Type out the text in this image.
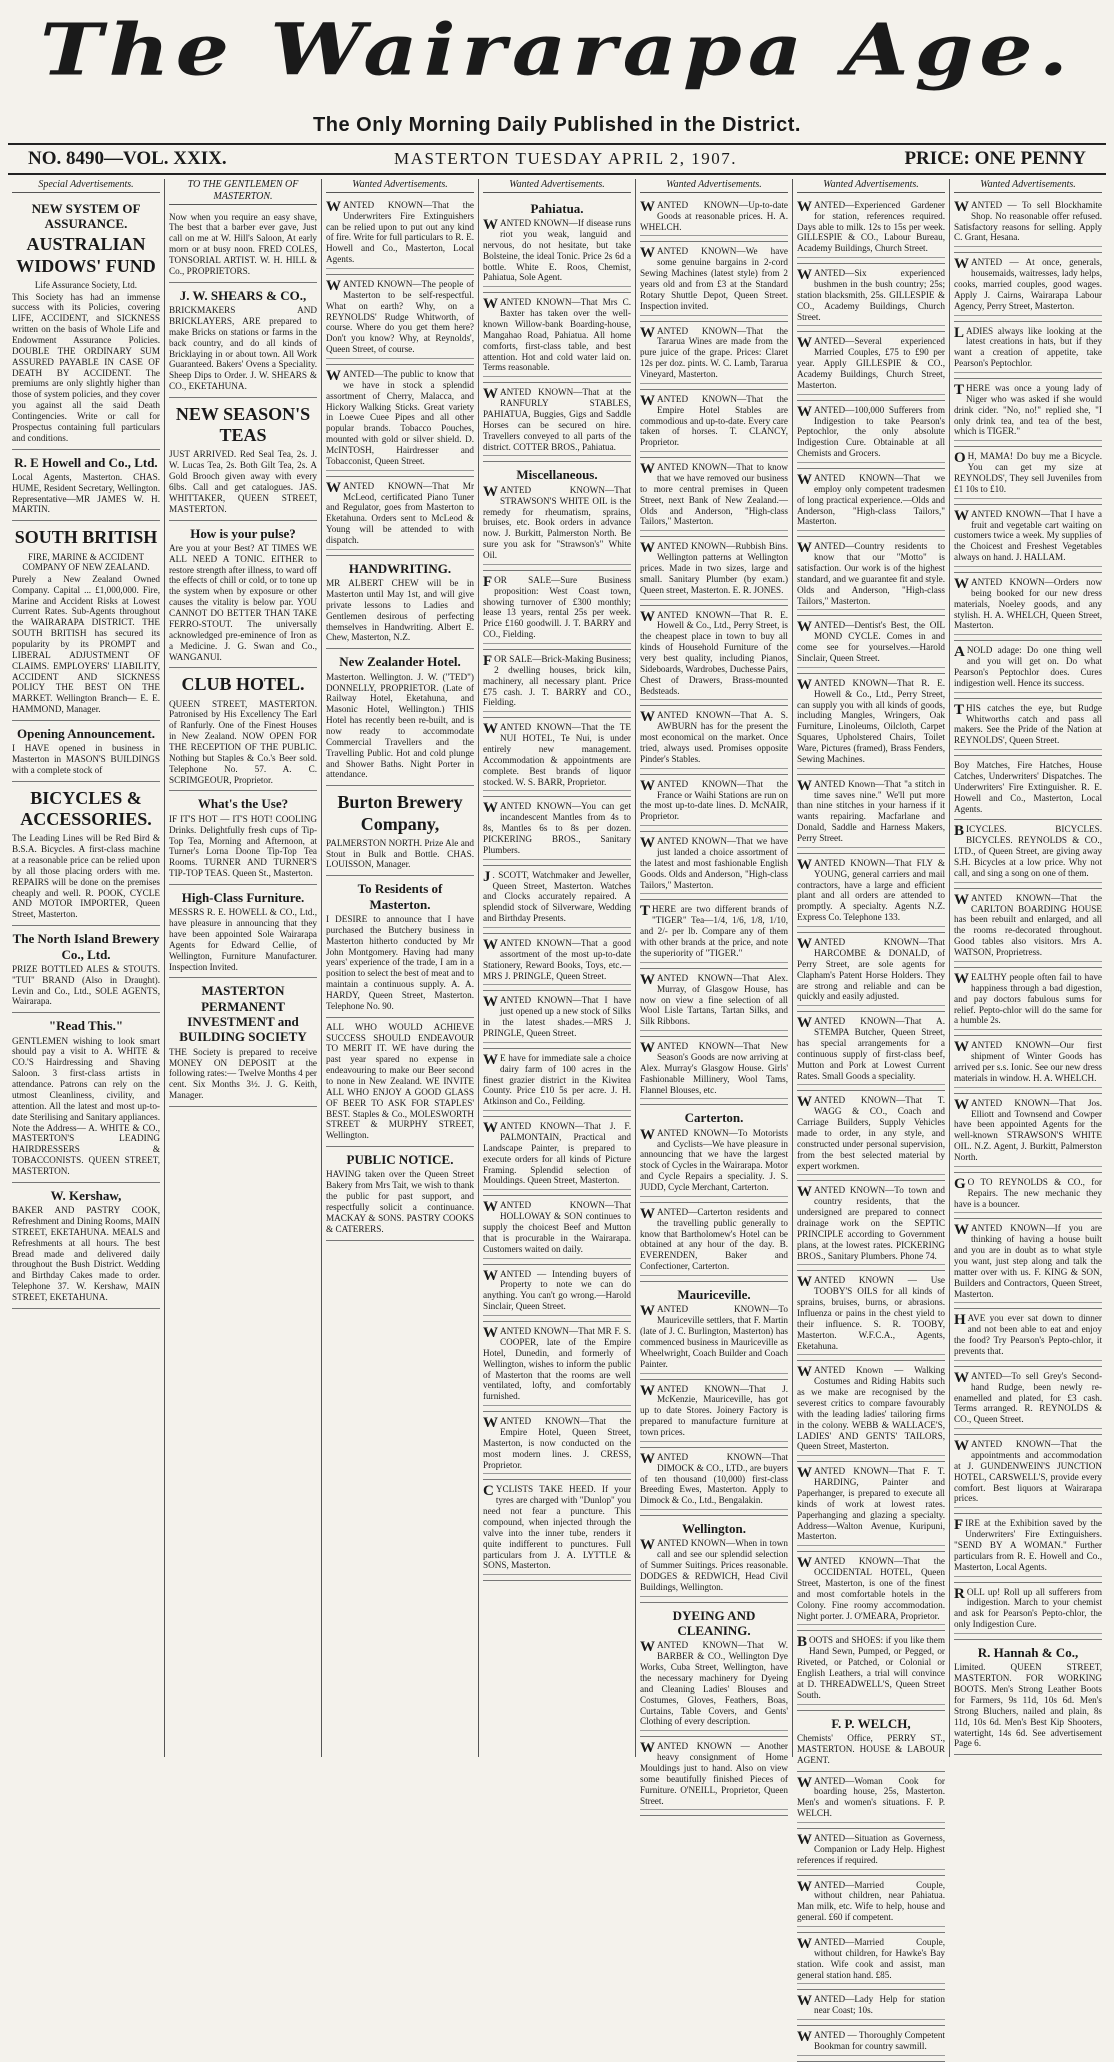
The Wairarapa Age.
The Only Morning Daily Published in the District.
NO. 8490—VOL. XXIX.	MASTERTON TUESDAY APRIL 2, 1907.	PRICE: ONE PENNY
Special Advertisements.
NEW SYSTEM OF ASSURANCE.
AUSTRALIAN WIDOWS' FUND
Life Assurance Society, Ltd.

This Society has had an immense success with its Policies, covering LIFE, ACCIDENT, and SICKNESS written on the basis of Whole Life and Endowment Assurance Policies. DOUBLE THE ORDINARY SUM ASSURED PAYABLE IN CASE OF DEATH BY ACCIDENT. The premiums are only slightly higher than those of system policies, and they cover you against all the said Death Contingencies. Write or call for Prospectus containing full particulars and conditions.

R. E Howell and Co., Ltd.

Local Agents, Masterton. CHAS. HUME, Resident Secretary, Wellington. Representative—MR JAMES W. H. MARTIN.

SOUTH BRITISH
FIRE, MARINE & ACCIDENT COMPANY OF NEW ZEALAND.

Purely a New Zealand Owned Company. Capital ... £1,000,000. Fire, Marine and Accident Risks at Lowest Current Rates. Sub-Agents throughout the WAIRARAPA DISTRICT. THE SOUTH BRITISH has secured its popularity by its PROMPT and LIBERAL ADJUSTMENT OF CLAIMS. EMPLOYERS' LIABILITY, ACCIDENT AND SICKNESS POLICY THE BEST ON THE MARKET. Wellington Branch— E. E. HAMMOND, Manager.

Opening Announcement.

I HAVE opened in business in Masterton in MASON'S BUILDINGS with a complete stock of

BICYCLES & ACCESSORIES.

The Leading Lines will be Red Bird & B.S.A. Bicycles. A first-class machine at a reasonable price can be relied upon by all those placing orders with me. REPAIRS will be done on the premises cheaply and well. R. POOK, CYCLE AND MOTOR IMPORTER, Queen Street, Masterton.

The North Island Brewery Co., Ltd.

PRIZE BOTTLED ALES & STOUTS. "TUI" BRAND (Also in Draught). Levin and Co., Ltd., SOLE AGENTS, Wairarapa.

"Read This."

GENTLEMEN wishing to look smart should pay a visit to A. WHITE & CO.'S Hairdressing and Shaving Saloon. 3 first-class artists in attendance. Patrons can rely on the utmost Cleanliness, civility, and attention. All the latest and most up-to-date Sterilising and Sanitary appliances. Note the Address— A. WHITE & CO., MASTERTON'S LEADING HAIRDRESSERS & TOBACCONISTS. QUEEN STREET, MASTERTON.

W. Kershaw,

BAKER AND PASTRY COOK, Refreshment and Dining Rooms, MAIN STREET, EKETAHUNA. MEALS and Refreshments at all hours. The best Bread made and delivered daily throughout the Bush District. Wedding and Birthday Cakes made to order. Telephone 37. W. Kershaw, MAIN STREET, EKETAHUNA.

TO THE GENTLEMEN OF MASTERTON.

Now when you require an easy shave, The best that a barber ever gave, Just call on me at W. Hill's Saloon, At early morn or at busy noon. FRED COLES, TONSORIAL ARTIST. W. H. HILL & Co., PROPRIETORS.

J. W. SHEARS & CO.,

BRICKMAKERS AND BRICKLAYERS, ARE prepared to make Bricks on stations or farms in the back country, and do all kinds of Bricklaying in or about town. All Work Guaranteed. Bakers' Ovens a Speciality. Sheep Dips to Order. J. W. SHEARS & CO., EKETAHUNA.

NEW SEASON'S TEAS

JUST ARRIVED. Red Seal Tea, 2s. J. W. Lucas Tea, 2s. Both Gilt Tea, 2s. A Gold Brooch given away with every 6lbs. Call and get catalogues. JAS. WHITTAKER, QUEEN STREET, MASTERTON.

How is your pulse?

Are you at your Best? AT TIMES WE ALL NEED A TONIC. EITHER to restore strength after illness, to ward off the effects of chill or cold, or to tone up the system when by exposure or other causes the vitality is below par. YOU CANNOT DO BETTER THAN TAKE FERRO-STOUT. The universally acknowledged pre-eminence of Iron as a Medicine. J. G. Swan and Co., WANGANUI.

CLUB HOTEL.

QUEEN STREET, MASTERTON. Patronised by His Excellency The Earl of Ranfurly. One of the Finest Houses in New Zealand. NOW OPEN FOR THE RECEPTION OF THE PUBLIC. Nothing but Staples & Co.'s Beer sold. Telephone No. 57. A. C. SCRIMGEOUR, Proprietor.

What's the Use?

IF IT'S HOT — IT'S HOT! COOLING Drinks. Delightfully fresh cups of Tip-Top Tea, Morning and Afternoon, at Turner's Lorna Doone Tip-Top Tea Rooms. TURNER AND TURNER'S TIP-TOP TEAS. Queen St., Masterton.

High-Class Furniture.

MESSRS R. E. HOWELL & CO., Ltd., have pleasure in announcing that they have been appointed Sole Wairarapa Agents for Edward Cellie, of Wellington, Furniture Manufacturer. Inspection Invited.

MASTERTON PERMANENT INVESTMENT and BUILDING SOCIETY

THE Society is prepared to receive MONEY ON DEPOSIT at the following rates:— Twelve Months 4 per cent. Six Months 3½. J. G. Keith, Manager.

Wanted Advertisements.

WANTED KNOWN—That the Underwriters Fire Extinguishers can be relied upon to put out any kind of fire. Write for full particulars to R. E. Howell and Co., Masterton, Local Agents.

WANTED KNOWN—The people of Masterton to be self-respectful. What on earth? Why, on a REYNOLDS' Rudge Whitworth, of course. Where do you get them here? Don't you know? Why, at Reynolds', Queen Street, of course.

WANTED—The public to know that we have in stock a splendid assortment of Cherry, Malacca, and Hickory Walking Sticks. Great variety in Loewe Cuee Pipes and all other popular brands. Tobacco Pouches, mounted with gold or silver shield. D. McINTOSH, Hairdresser and Tobacconist, Queen Street.

WANTED KNOWN—That Mr McLeod, certificated Piano Tuner and Regulator, goes from Masterton to Eketahuna. Orders sent to McLeod & Young will be attended to with dispatch.

HANDWRITING.

MR ALBERT CHEW will be in Masterton until May 1st, and will give private lessons to Ladies and Gentlemen desirous of perfecting themselves in Handwriting. Albert E. Chew, Masterton, N.Z.

New Zealander Hotel.

Masterton. Wellington. J. W. ("TED") DONNELLY, PROPRIETOR. (Late of Railway Hotel, Eketahuna, and Masonic Hotel, Wellington.) THIS Hotel has recently been re-built, and is now ready to accommodate Commercial Travellers and the Travelling Public. Hot and cold plunge and Shower Baths. Night Porter in attendance.

Burton Brewery Company,

PALMERSTON NORTH. Prize Ale and Stout in Bulk and Bottle. CHAS. LOUISSON, Manager.

To Residents of Masterton.

I DESIRE to announce that I have purchased the Butchery business in Masterton hitherto conducted by Mr John Montgomery. Having had many years' experience of the trade, I am in a position to select the best of meat and to maintain a continuous supply. A. A. HARDY, Queen Street, Masterton. Telephone No. 90.

ALL WHO WOULD ACHIEVE SUCCESS SHOULD ENDEAVOUR TO MERIT IT. WE have during the past year spared no expense in endeavouring to make our Beer second to none in New Zealand. WE INVITE ALL WHO ENJOY A GOOD GLASS OF BEER TO ASK FOR STAPLES' BEST. Staples & Co., MOLESWORTH STREET & MURPHY STREET, Wellington.

PUBLIC NOTICE.

HAVING taken over the Queen Street Bakery from Mrs Tait, we wish to thank the public for past support, and respectfully solicit a continuance. MACKAY & SONS. PASTRY COOKS & CATERERS.

Wanted Advertisements.
Pahiatua.

WANTED KNOWN—If disease runs riot you weak, languid and nervous, do not hesitate, but take Bolsteine, the ideal Tonic. Price 2s 6d a bottle. White E. Roos, Chemist, Pahiatua, Sole Agent.

WANTED KNOWN—That Mrs C. Baxter has taken over the well-known Willow-bank Boarding-house, Mangahao Road, Pahiatua. All home comforts, first-class table, and best attention. Hot and cold water laid on. Terms reasonable.

WANTED KNOWN—That at the RANFURLY STABLES, PAHIATUA, Buggies, Gigs and Saddle Horses can be secured on hire. Travellers conveyed to all parts of the district. COTTER BROS., Pahiatua.

Miscellaneous.

WANTED KNOWN—That STRAWSON'S WHITE OIL is the remedy for rheumatism, sprains, bruises, etc. Book orders in advance now. J. Burkitt, Palmerston North. Be sure you ask for "Strawson's" White Oil.

FOR SALE—Sure Business proposition: West Coast town, showing turnover of £300 monthly; lease 13 years, rental 25s per week. Price £160 goodwill. J. T. BARRY and CO., Fielding.

FOR SALE—Brick-Making Business; 2 dwelling houses, brick kiln, machinery, all necessary plant. Price £75 cash. J. T. BARRY and CO., Fielding.

WANTED KNOWN—That the TE NUI HOTEL, Te Nui, is under entirely new management. Accommodation & appointments are complete. Best brands of liquor stocked. W. S. BARR, Proprietor.

WANTED KNOWN—You can get incandescent Mantles from 4s to 8s, Mantles 6s to 8s per dozen. PICKERING BROS., Sanitary Plumbers.

J . SCOTT, Watchmaker and Jeweller, Queen Street, Masterton. Watches and Clocks accurately repaired. A splendid stock of Silverware, Wedding and Birthday Presents.

WANTED KNOWN—That a good assortment of the most up-to-date Stationery, Reward Books, Toys, etc.—MRS J. PRINGLE, Queen Street.

WANTED KNOWN—That I have just opened up a new stock of Silks in the latest shades.—MRS J. PRINGLE, Queen Street.

W E have for immediate sale a choice dairy farm of 100 acres in the finest grazier district in the Kiwitea County. Price £10 5s per acre. J. H. Atkinson and Co., Feilding.

WANTED KNOWN—That J. F. PALMONTAIN, Practical and Landscape Painter, is prepared to execute orders for all kinds of Picture Framing. Splendid selection of Mouldings. Queen Street, Masterton.

WANTED KNOWN—That HOLLOWAY & SON continues to supply the choicest Beef and Mutton that is procurable in the Wairarapa. Customers waited on daily.

WANTED — Intending buyers of Property to note we can do anything. You can't go wrong.—Harold Sinclair, Queen Street.

WANTED KNOWN—That MR F. S. COOPER, late of the Empire Hotel, Dunedin, and formerly of Wellington, wishes to inform the public of Masterton that the rooms are well ventilated, lofty, and comfortably furnished.

WANTED KNOWN—That the Empire Hotel, Queen Street, Masterton, is now conducted on the most modern lines. J. CRESS, Proprietor.

CYCLISTS TAKE HEED. If your tyres are charged with "Dunlop" you need not fear a puncture. This compound, when injected through the valve into the inner tube, renders it quite indifferent to punctures. Full particulars from J. A. LYTTLE & SONS, Masterton.

Wanted Advertisements.

WANTED KNOWN—Up-to-date Goods at reasonable prices. H. A. WHELCH.

WANTED KNOWN—We have some genuine bargains in 2-cord Sewing Machines (latest style) from 2 years old and from £3 at the Standard Rotary Shuttle Depot, Queen Street. Inspection invited.

WANTED KNOWN—That the Tararua Wines are made from the pure juice of the grape. Prices: Claret 12s per doz. pints. W. C. Lamb, Tararua Vineyard, Masterton.

WANTED KNOWN—That the Empire Hotel Stables are commodious and up-to-date. Every care taken of horses. T. CLANCY, Proprietor.

WANTED KNOWN—That to know that we have removed our business to more central premises in Queen Street, next Bank of New Zealand.—Olds and Anderson, "High-class Tailors," Masterton.

WANTED KNOWN—Rubbish Bins. Wellington patterns at Wellington prices. Made in two sizes, large and small. Sanitary Plumber (by exam.) Queen street, Masterton. E. R. JONES.

WANTED KNOWN—That R. E. Howell & Co., Ltd., Perry Street, is the cheapest place in town to buy all kinds of Household Furniture of the very best quality, including Pianos, Sideboards, Wardrobes, Duchesse Pairs, Chest of Drawers, Brass-mounted Bedsteads.

WANTED KNOWN—That A. S. AWBURN has for the present the most economical on the market. Once tried, always used. Promises opposite Pinder's Stables.

WANTED KNOWN—That the France or Waihi Stations are run on the most up-to-date lines. D. McNAIR, Proprietor.

WANTED KNOWN—That we have just landed a choice assortment of the latest and most fashionable English Goods. Olds and Anderson, "High-class Tailors," Masterton.

THERE are two different brands of "TIGER" Tea—1/4, 1/6, 1/8, 1/10, and 2/- per lb. Compare any of them with other brands at the price, and note the superiority of "TIGER."

WANTED KNOWN—That Alex. Murray, of Glasgow House, has now on view a fine selection of all Wool Lisle Tartans, Tartan Silks, and Silk Ribbons.

WANTED KNOWN—That New Season's Goods are now arriving at Alex. Murray's Glasgow House. Girls' Fashionable Millinery, Wool Tams, Flannel Blouses, etc.

Carterton.

WANTED KNOWN—To Motorists and Cyclists—We have pleasure in announcing that we have the largest stock of Cycles in the Wairarapa. Motor and Cycle Repairs a speciality. J. S. JUDD, Cycle Merchant, Carterton.

WANTED—Carterton residents and the travelling public generally to know that Bartholomew's Hotel can be obtained at any hour of the day. B. EVERENDEN, Baker and Confectioner, Carterton.

Mauriceville.

WANTED KNOWN—To Mauriceville settlers, that F. Martin (late of J. C. Burlington, Masterton) has commenced business in Mauriceville as Wheelwright, Coach Builder and Coach Painter.

WANTED KNOWN—That J. McKenzie, Mauriceville, has got up to date Stores. Joinery Factory is prepared to manufacture furniture at town prices.

WANTED KNOWN—That DIMOCK & CO., LTD., are buyers of ten thousand (10,000) first-class Breeding Ewes, Masterton. Apply to Dimock & Co., Ltd., Bengalakin.

Wellington.

WANTED KNOWN—When in town call and see our splendid selection of Summer Suitings. Prices reasonable. DODGES & REDWICH, Head Civil Buildings, Wellington.

DYEING AND CLEANING.

WANTED KNOWN—That W. BARBER & CO., Wellington Dye Works, Cuba Street, Wellington, have the necessary machinery for Dyeing and Cleaning Ladies' Blouses and Costumes, Gloves, Feathers, Boas, Curtains, Table Covers, and Gents' Clothing of every description.

WANTED KNOWN — Another heavy consignment of Home Mouldings just to hand. Also on view some beautifully finished Pieces of Furniture. O'NEILL, Proprietor, Queen Street.

Wanted Advertisements.

WANTED—Experienced Gardener for station, references required. Days able to milk. 12s to 15s per week. GILLESPIE & CO., Labour Bureau, Academy Buildings, Church Street.

WANTED—Six experienced bushmen in the bush country; 25s; station blacksmith, 25s. GILLESPIE & CO., Academy Buildings, Church Street.

WANTED—Several experienced Married Couples, £75 to £90 per year. Apply GILLESPIE & CO., Academy Buildings, Church Street, Masterton.

WANTED—100,000 Sufferers from Indigestion to take Pearson's Peptochlor, the only absolute Indigestion Cure. Obtainable at all Chemists and Grocers.

WANTED KNOWN—That we employ only competent tradesmen of long practical experience.—Olds and Anderson, "High-class Tailors," Masterton.

WANTED—Country residents to know that our "Motto" is satisfaction. Our work is of the highest standard, and we guarantee fit and style. Olds and Anderson, "High-class Tailors," Masterton.

WANTED—Dentist's Best, the OIL MOND CYCLE. Comes in and come see for yourselves.—Harold Sinclair, Queen Street.

WANTED KNOWN—That R. E. Howell & Co., Ltd., Perry Street, can supply you with all kinds of goods, including Mangles, Wringers, Oak Furniture, Linoleums, Oilcloth, Carpet Squares, Upholstered Chairs, Toilet Ware, Pictures (framed), Brass Fenders, Sewing Machines.

WANTED Known—That "a stitch in time saves nine." We'll put more than nine stitches in your harness if it wants repairing. Macfarlane and Donald, Saddle and Harness Makers, Perry Street.

WANTED KNOWN—That FLY & YOUNG, general carriers and mail contractors, have a large and efficient plant and all orders are attended to promptly. A specialty. Agents N.Z. Express Co. Telephone 133.

WANTED KNOWN—That HARCOMBE & DONALD, of Perry Street, are sole agents for Clapham's Patent Horse Holders. They are strong and reliable and can be quickly and easily adjusted.

WANTED KNOWN—That A. STEMPA Butcher, Queen Street, has special arrangements for a continuous supply of first-class beef, Mutton and Pork at Lowest Current Rates. Small Goods a speciality.

WANTED KNOWN—That T. WAGG & CO., Coach and Carriage Builders, Supply Vehicles made to order, in any style, and constructed under personal supervision, from the best selected material by expert workmen.

WANTED KNOWN—To town and country residents, that the undersigned are prepared to connect drainage work on the SEPTIC PRINCIPLE according to Government plans, at the lowest rates. PICKERING BROS., Sanitary Plumbers. Phone 74.

WANTED KNOWN — Use TOOBY'S OILS for all kinds of sprains, bruises, burns, or abrasions. Influenza or pains in the chest yield to their influence. S. R. TOOBY, Masterton. W.F.C.A., Agents, Eketahuna.

WANTED Known — Walking Costumes and Riding Habits such as we make are recognised by the severest critics to compare favourably with the leading ladies' tailoring firms in the colony. WEBB & WALLACE'S, LADIES' AND GENTS' TAILORS, Queen Street, Masterton.

WANTED KNOWN—That F. T. HARDING, Painter and Paperhanger, is prepared to execute all kinds of work at lowest rates. Paperhanging and glazing a specialty. Address—Walton Avenue, Kuripuni, Masterton.

WANTED KNOWN—That the OCCIDENTAL HOTEL, Queen Street, Masterton, is one of the finest and most comfortable hotels in the Colony. Fine roomy accommodation. Night porter. J. O'MEARA, Proprietor.

BOOTS and SHOES: if you like them Hand Sewn, Pumped, or Pegged, or Riveted, or Patched, or Colonial or English Leathers, a trial will convince at D. THREADWELL'S, Queen Street South.

F. P. WELCH,

Chemists' Office, PERRY ST., MASTERTON. HOUSE & LABOUR AGENT.

WANTED—Woman Cook for boarding house, 25s, Masterton. Men's and women's situations. F. P. WELCH.

WANTED—Situation as Governess, Companion or Lady Help. Highest references if required.

WANTED—Married Couple, without children, near Pahiatua. Man milk, etc. Wife to help, house and general. £60 if competent.

WANTED—Married Couple, without children, for Hawke's Bay station. Wife cook and assist, man general station hand. £85.

WANTED—Lady Help for station near Coast; 10s.

WANTED — Thoroughly Competent Bookman for country sawmill.

Wanted Advertisements.

WANTED — To sell Blockhamite Shop. No reasonable offer refused. Satisfactory reasons for selling. Apply C. Grant, Hesana.

WANTED — At once, generals, housemaids, waitresses, lady helps, cooks, married couples, good wages. Apply J. Cairns, Wairarapa Labour Agency, Perry Street, Masterton.

LADIES always like looking at the latest creations in hats, but if they want a creation of appetite, take Pearson's Peptochlor.

THERE was once a young lady of Niger who was asked if she would drink cider. "No, no!" replied she, "I only drink tea, and tea of the best, which is TIGER."

O H, MAMA! Do buy me a Bicycle. You can get my size at REYNOLDS', They sell Juveniles from £1 10s to £10.

WANTED KNOWN—That I have a fruit and vegetable cart waiting on customers twice a week. My supplies of the Choicest and Freshest Vegetables always on hand. J. HALLAM.

WANTED KNOWN—Orders now being booked for our new dress materials, Noeley goods, and any stylish. H. A. WHELCH, Queen Street, Masterton.

A NOLD adage: Do one thing well and you will get on. Do what Pearson's Peptochlor does. Cures indigestion well. Hence its success.

THIS catches the eye, but Rudge Whitworths catch and pass all makers. See the Pride of the Nation at REYNOLDS', Queen Street.

Boy Matches, Fire Hatches, House Catches, Underwriters' Dispatches. The Underwriters' Fire Extinguisher. R. E. Howell and Co., Masterton, Local Agents.

BICYCLES. BICYCLES. BICYCLES. REYNOLDS & CO., LTD., of Queen Street, are giving away S.H. Bicycles at a low price. Why not call, and sing a song on one of them.

WANTED KNOWN—That the CARLTON BOARDING HOUSE has been rebuilt and enlarged, and all the rooms re-decorated throughout. Good tables also visitors. Mrs A. WATSON, Proprietress.

WEALTHY people often fail to have happiness through a bad digestion, and pay doctors fabulous sums for relief. Pepto-chlor will do the same for a humble 2s.

WANTED KNOWN—Our first shipment of Winter Goods has arrived per s.s. Ionic. See our new dress materials in window. H. A. WHELCH.

WANTED KNOWN—That Jos. Elliott and Townsend and Cowper have been appointed Agents for the well-known STRAWSON'S WHITE OIL. N.Z. Agent, J. Burkitt, Palmerston North.

G O TO REYNOLDS & CO., for Repairs. The new mechanic they have is a bouncer.

WANTED KNOWN—If you are thinking of having a house built and you are in doubt as to what style you want, just step along and talk the matter over with us. F. KING & SON, Builders and Contractors, Queen Street, Masterton.

HAVE you ever sat down to dinner and not been able to eat and enjoy the food? Try Pearson's Pepto-chlor, it prevents that.

WANTED—To sell Grey's Second-hand Rudge, been newly re-enamelled and plated, for £3 cash. Terms arranged. R. REYNOLDS & CO., Queen Street.

WANTED KNOWN—That the appointments and accommodation at J. GUNDENWEIN'S JUNCTION HOTEL, CARSWELL'S, provide every comfort. Best liquors at Wairarapa prices.

FIRE at the Exhibition saved by the Underwriters' Fire Extinguishers. "SEND BY A WOMAN." Further particulars from R. E. Howell and Co., Masterton, Local Agents.

ROLL up! Roll up all sufferers from indigestion. March to your chemist and ask for Pearson's Pepto-chlor, the only Indigestion Cure.

R. Hannah & Co.,

Limited. QUEEN STREET, MASTERTON. FOR WORKING BOOTS. Men's Strong Leather Boots for Farmers, 9s 11d, 10s 6d. Men's Strong Bluchers, nailed and plain, 8s 11d, 10s 6d. Men's Best Kip Shooters, watertight, 14s 6d. See advertisement Page 6.
